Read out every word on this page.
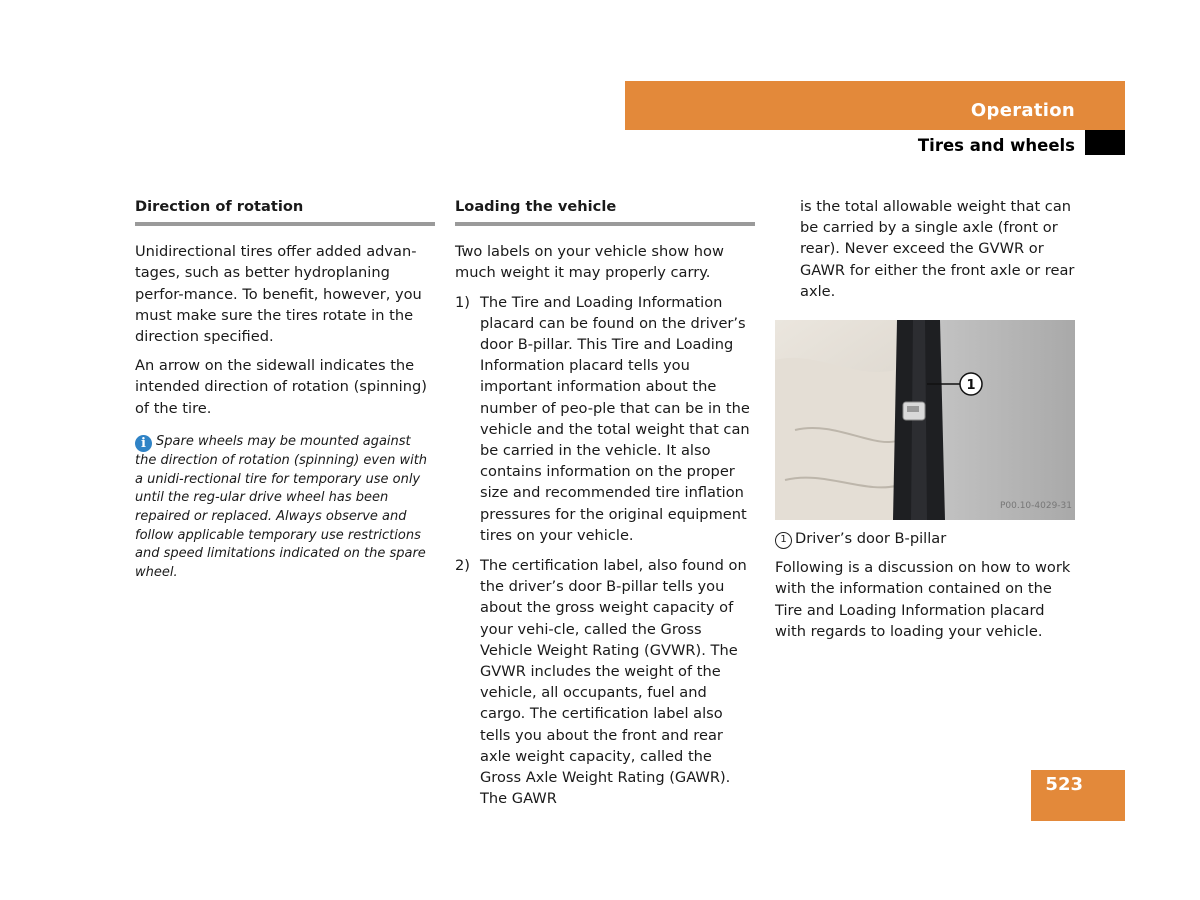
Operation
Tires and wheels
Direction of rotation

Unidirectional tires offer added advan-tages, such as better hydroplaning perfor-mance. To benefit, however, you must make sure the tires rotate in the direction specified.

An arrow on the sidewall indicates the intended direction of rotation (spinning) of the tire.

i Spare wheels may be mounted against the direction of rotation (spinning) even with a unidi-rectional tire for temporary use only until the reg-ular drive wheel has been repaired or replaced. Always observe and follow applicable temporary use restrictions and speed limitations indicated on the spare wheel.
Loading the vehicle

Two labels on your vehicle show how much weight it may properly carry.

1) The Tire and Loading Information placard can be found on the driver’s door B-pillar. This Tire and Loading Information placard tells you important information about the number of peo-ple that can be in the vehicle and the total weight that can be carried in the vehicle. It also contains information on the proper size and recommended tire inflation pressures for the original equipment tires on your vehicle.
2) The certification label, also found on the driver’s door B-pillar tells you about the gross weight capacity of your vehi-cle, called the Gross Vehicle Weight Rating (GVWR). The GVWR includes the weight of the vehicle, all occupants, fuel and cargo. The certification label also tells you about the front and rear axle weight capacity, called the Gross Axle Weight Rating (GAWR). The GAWR

is the total allowable weight that can be carried by a single axle (front or rear). Never exceed the GVWR or GAWR for either the front axle or rear axle.

1
P00.10-4029-31

1 Driver’s door B-pillar

Following is a discussion on how to work with the information contained on the Tire and Loading Information placard with regards to loading your vehicle.

523
